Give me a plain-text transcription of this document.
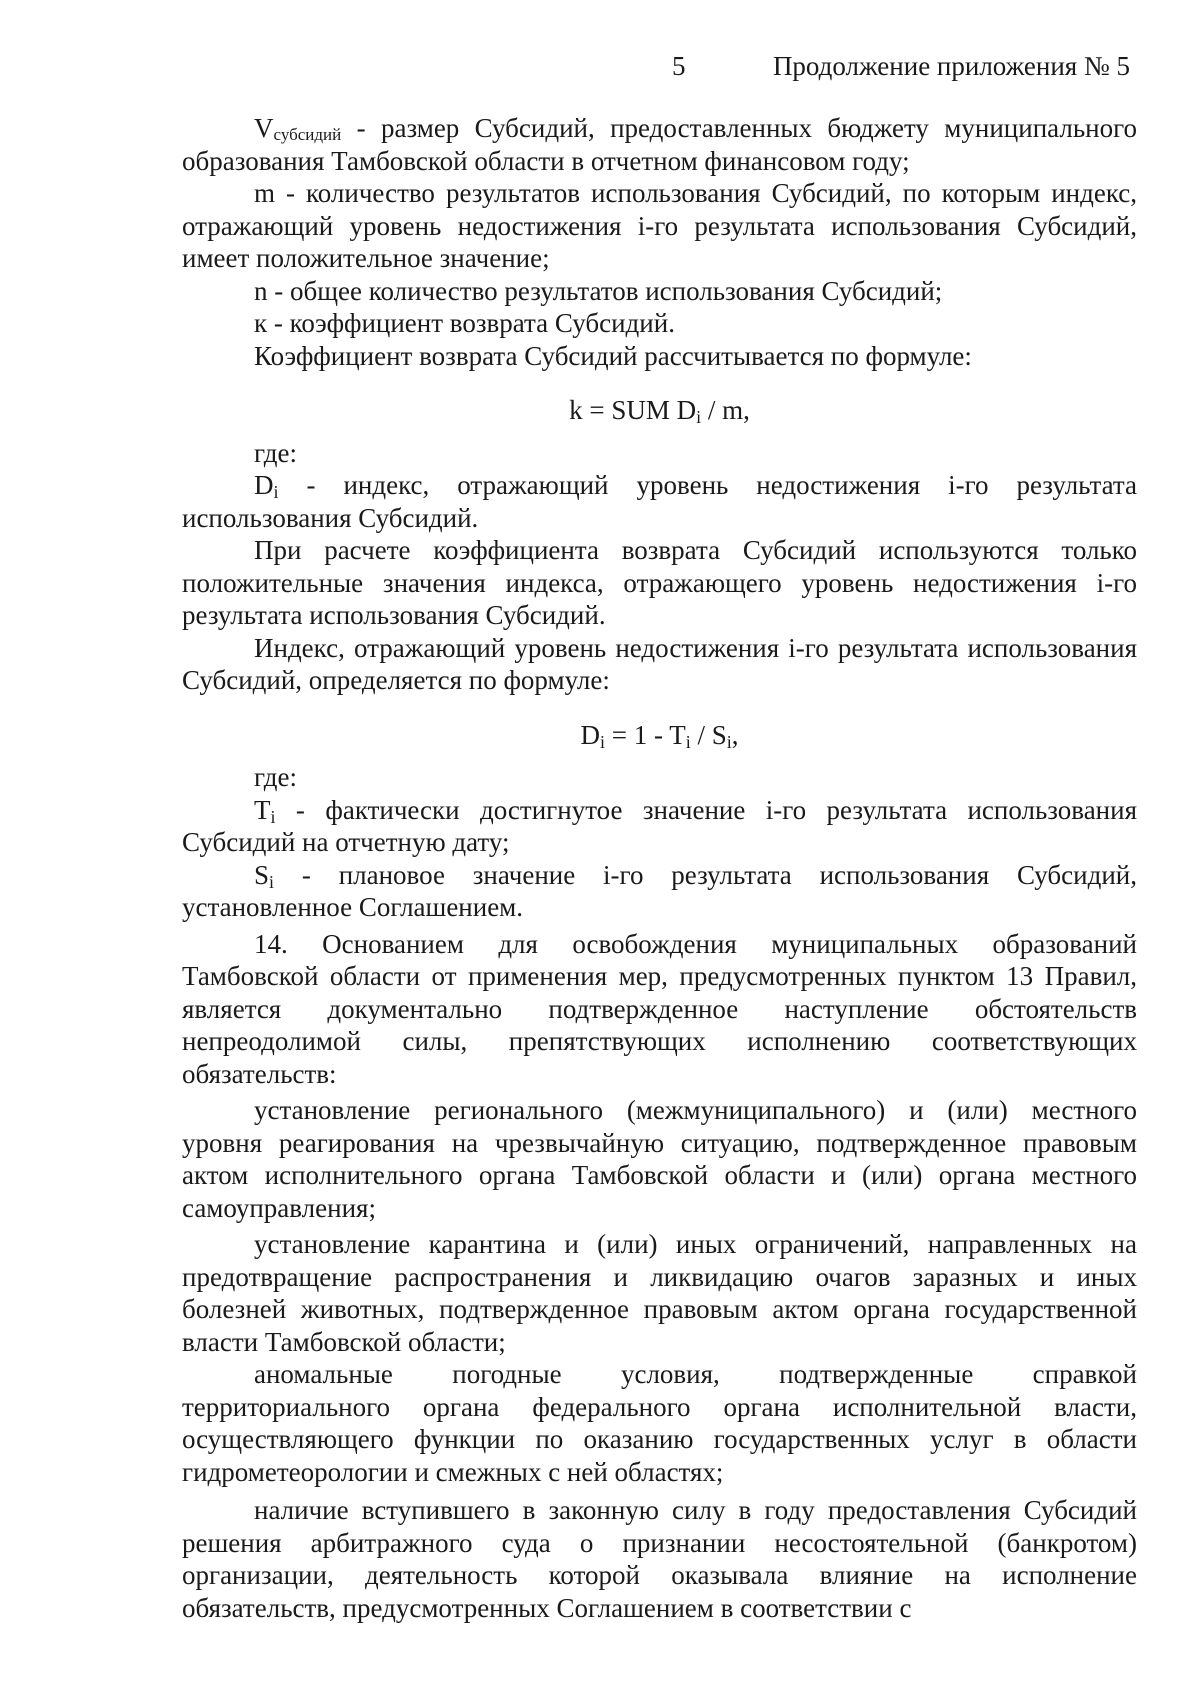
5	Продолжение приложения № 5

Vсубсидий - размер Субсидий, предоставленных бюджету муниципального образования Тамбовской области в отчетном финансовом году;

m - количество результатов использования Субсидий, по которым индекс, отражающий уровень недостижения i-го результата использования Субсидий, имеет положительное значение;

n - общее количество результатов использования Субсидий;

к - коэффициент возврата Субсидий.

Коэффициент возврата Субсидий рассчитывается по формуле:

k = SUM Di / m,

где:

Di - индекс, отражающий уровень недостижения i-го результата использования Субсидий.

При расчете коэффициента возврата Субсидий используются только положительные значения индекса, отражающего уровень недостижения i-го результата использования Субсидий.

Индекс, отражающий уровень недостижения i-го результата использования Субсидий, определяется по формуле:

Di = 1 - Ti / Si,

где:

Ti - фактически достигнутое значение i-го результата использования Субсидий на отчетную дату;

Si - плановое значение i-го результата использования Субсидий, установленное Соглашением.

14. Основанием для освобождения муниципальных образований Тамбовской области от применения мер, предусмотренных пунктом 13 Правил, является документально подтвержденное наступление обстоятельств непреодолимой силы, препятствующих исполнению соответствующих обязательств:

установление регионального (межмуниципального) и (или) местного уровня реагирования на чрезвычайную ситуацию, подтвержденное правовым актом исполнительного органа Тамбовской области и (или) органа местного самоуправления;

установление карантина и (или) иных ограничений, направленных на предотвращение распространения и ликвидацию очагов заразных и иных болезней животных, подтвержденное правовым актом органа государственной власти Тамбовской области;

аномальные погодные условия, подтвержденные справкой территориального органа федерального органа исполнительной власти, осуществляющего функции по оказанию государственных услуг в области гидрометеорологии и смежных с ней областях;

наличие вступившего в законную силу в году предоставления Субсидий решения арбитражного суда о признании несостоятельной (банкротом) организации, деятельность которой оказывала влияние на исполнение обязательств, предусмотренных Соглашением в соответствии с
